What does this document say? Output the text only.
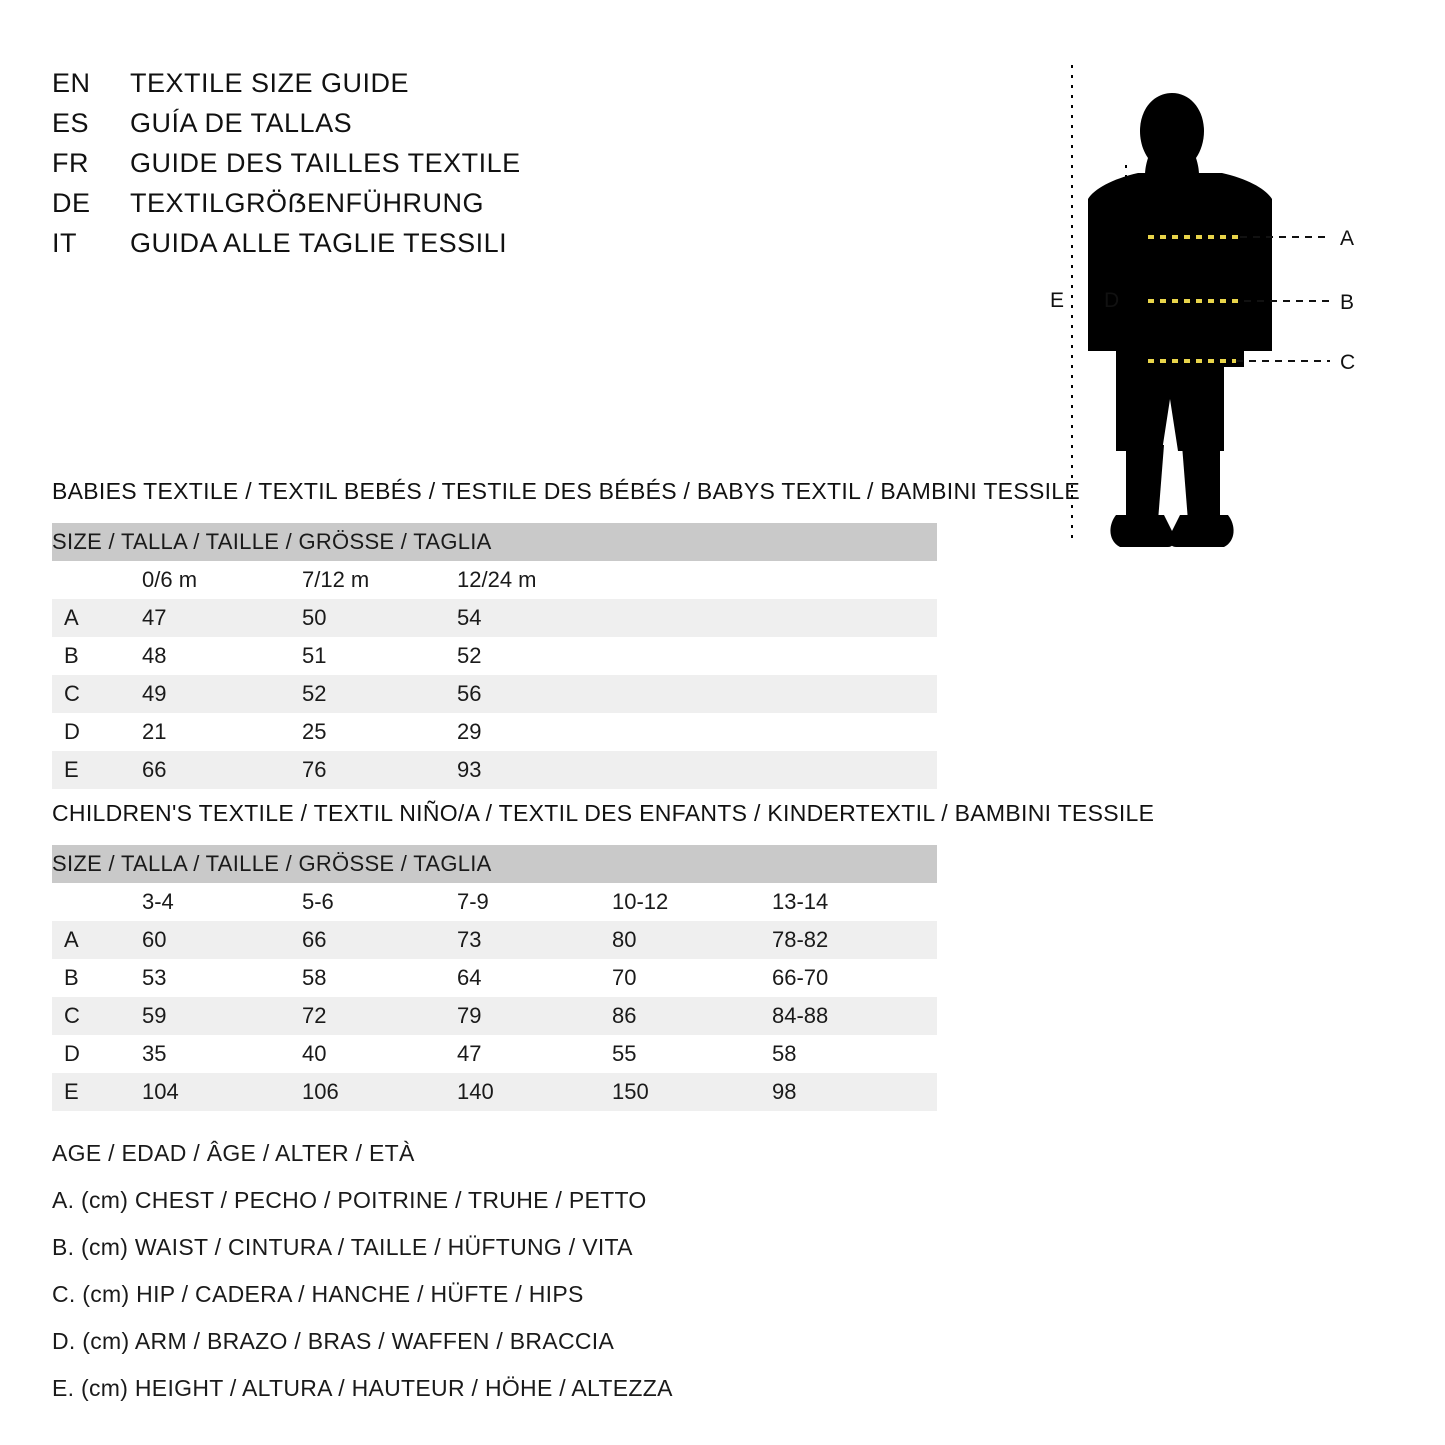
EN	TEXTILE SIZE GUIDE
ES	GUÍA DE TALLAS
FR	GUIDE DES TAILLES TEXTILE
DE	TEXTILGRÖẞENFÜHRUNG
IT	GUIDA ALLE TAGLIE TESSILI
E D
A
B
C
BABIES TEXTILE / TEXTIL BEBÉS / TESTILE DES BÉBÉS / BABYS TEXTIL / BAMBINI TESSILE
SIZE / TALLA / TAILLE / GRÖSSE / TAGLIA			
	0/6 m	7/12 m	12/24 m
A	47	50	54
B	48	51	52
C	49	52	56
D	21	25	29
E	66	76	93
CHILDREN'S TEXTILE / TEXTIL NIÑO/A / TEXTIL DES ENFANTS / KINDERTEXTIL / BAMBINI TESSILE
SIZE / TALLA / TAILLE / GRÖSSE / TAGLIA					
	3-4	5-6	7-9	10-12	13-14
A	60	66	73	80	78-82
B	53	58	64	70	66-70
C	59	72	79	86	84-88
D	35	40	47	55	58
E	104	106	140	150	98
AGE / EDAD / ÂGE / ALTER / ETÀ
A. (cm) CHEST / PECHO / POITRINE / TRUHE / PETTO
B. (cm) WAIST / CINTURA / TAILLE / HÜFTUNG / VITA
C. (cm) HIP / CADERA / HANCHE / HÜFTE / HIPS
D. (cm) ARM / BRAZO / BRAS / WAFFEN / BRACCIA
E. (cm) HEIGHT / ALTURA / HAUTEUR / HÖHE / ALTEZZA
